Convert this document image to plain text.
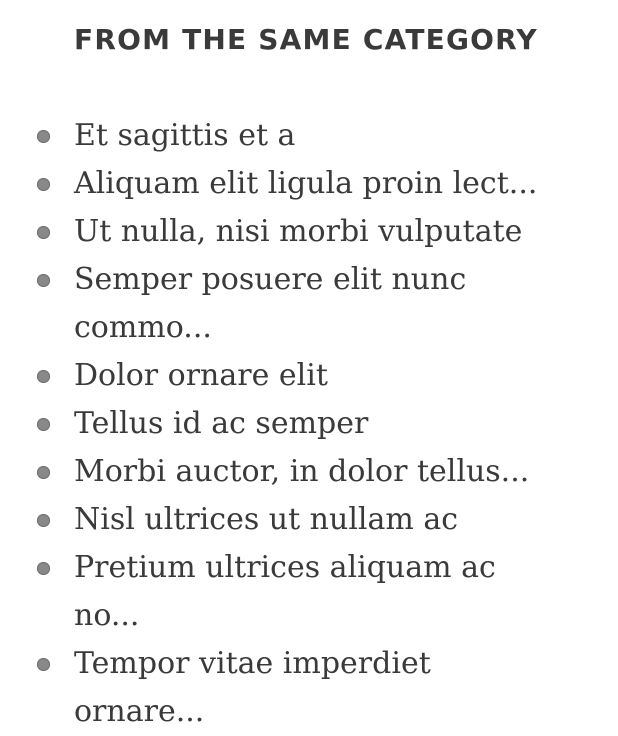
FROM THE SAME CATEGORY
Et sagittis et a
Aliquam elit ligula proin lect...
Ut nulla, nisi morbi vulputate
Semper posuere elit nunc commo...
Dolor ornare elit
Tellus id ac semper
Morbi auctor, in dolor tellus...
Nisl ultrices ut nullam ac
Pretium ultrices aliquam ac no...
Tempor vitae imperdiet ornare...
